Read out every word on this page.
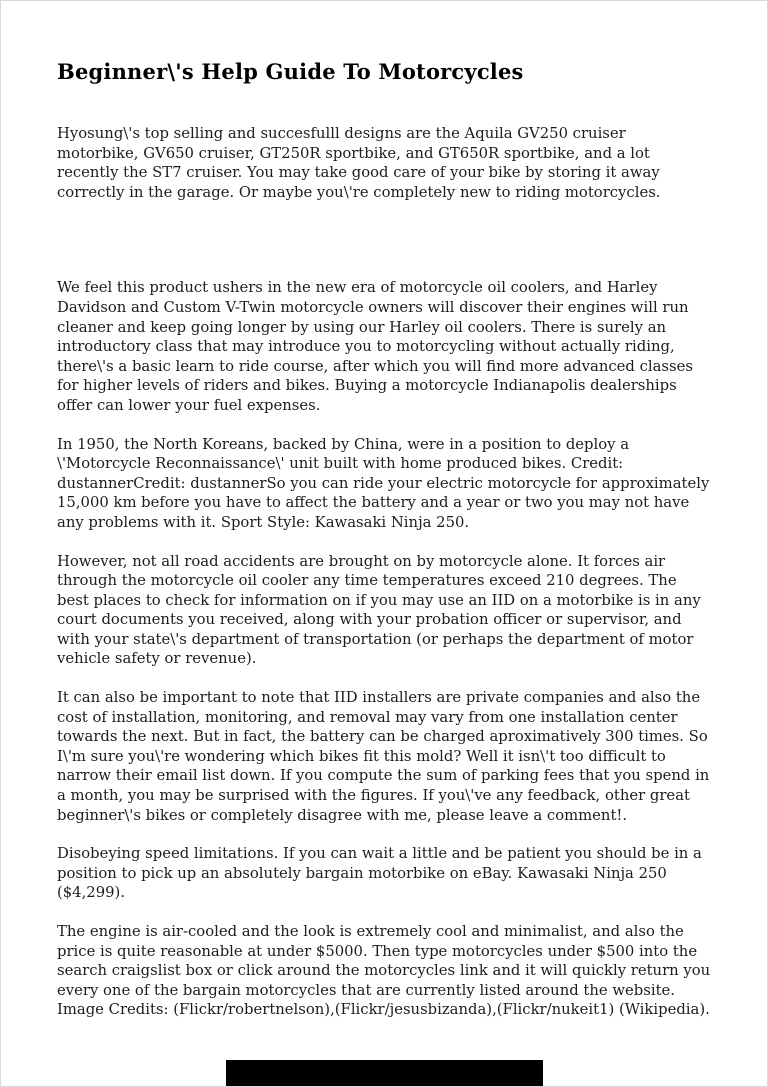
Beginner\'s Help Guide To Motorcycles

Hyosung\'s top selling and succesfulll designs are the Aquila GV250 cruiser motorbike, GV650 cruiser, GT250R sportbike, and GT650R sportbike, and a lot recently the ST7 cruiser. You may take good care of your bike by storing it away correctly in the garage. Or maybe you\'re completely new to riding motorcycles.

We feel this product ushers in the new era of motorcycle oil coolers, and Harley Davidson and Custom V-Twin motorcycle owners will discover their engines will run cleaner and keep going longer by using our Harley oil coolers. There is surely an introductory class that may introduce you to motorcycling without actually riding, there\'s a basic learn to ride course, after which you will find more advanced classes for higher levels of riders and bikes. Buying a motorcycle Indianapolis dealerships offer can lower your fuel expenses.

In 1950, the North Koreans, backed by China, were in a position to deploy a \'Motorcycle Reconnaissance\' unit built with home produced bikes. Credit: dustannerCredit: dustannerSo you can ride your electric motorcycle for approximately 15,000 km before you have to affect the battery and a year or two you may not have any problems with it. Sport Style: Kawasaki Ninja 250.

However, not all road accidents are brought on by motorcycle alone. It forces air through the motorcycle oil cooler any time temperatures exceed 210 degrees. The best places to check for information on if you may use an IID on a motorbike is in any court documents you received, along with your probation officer or supervisor, and with your state\'s department of transportation (or perhaps the department of motor vehicle safety or revenue).

It can also be important to note that IID installers are private companies and also the cost of installation, monitoring, and removal may vary from one installation center towards the next. But in fact, the battery can be charged aproximatively 300 times. So I\'m sure you\'re wondering which bikes fit this mold? Well it isn\'t too difficult to narrow their email list down. If you compute the sum of parking fees that you spend in a month, you may be surprised with the figures. If you\'ve any feedback, other great beginner\'s bikes or completely disagree with me, please leave a comment!.

Disobeying speed limitations. If you can wait a little and be patient you should be in a position to pick up an absolutely bargain motorbike on eBay. Kawasaki Ninja 250 ($4,299).

The engine is air-cooled and the look is extremely cool and minimalist, and also the price is quite reasonable at under $5000. Then type motorcycles under $500 into the search craigslist box or click around the motorcycles link and it will quickly return you every one of the bargain motorcycles that are currently listed around the website. Image Credits: (Flickr/robertnelson),(Flickr/jesusbizanda),(Flickr/nukeit1) (Wikipedia).
